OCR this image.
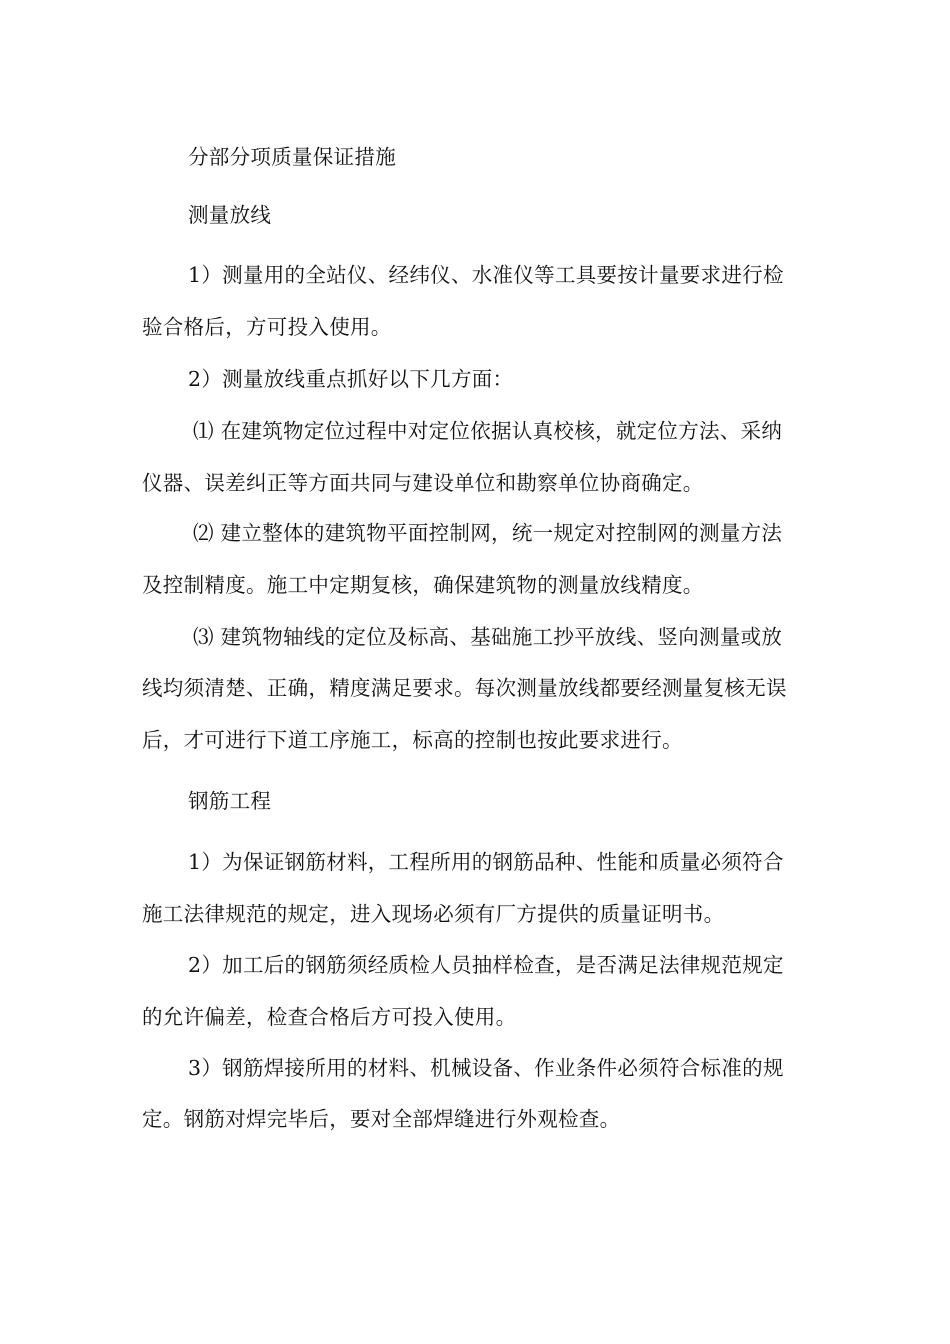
分部分项质量保证措施
测量放线
1）测量用的全站仪、经纬仪、水准仪等工具要按计量要求进行检
验合格后，方可投入使用。
2）测量放线重点抓好以下几方面：
⑴ 在建筑物定位过程中对定位依据认真校核，就定位方法、采纳
仪器、误差纠正等方面共同与建设单位和勘察单位协商确定。
⑵ 建立整体的建筑物平面控制网，统一规定对控制网的测量方法
及控制精度。施工中定期复核，确保建筑物的测量放线精度。
⑶ 建筑物轴线的定位及标高、基础施工抄平放线、竖向测量或放
线均须清楚、正确，精度满足要求。每次测量放线都要经测量复核无误
后，才可进行下道工序施工，标高的控制也按此要求进行。
钢筋工程
1）为保证钢筋材料，工程所用的钢筋品种、性能和质量必须符合
施工法律规范的规定，进入现场必须有厂方提供的质量证明书。
2）加工后的钢筋须经质检人员抽样检查，是否满足法律规范规定
的允许偏差，检查合格后方可投入使用。
3）钢筋焊接所用的材料、机械设备、作业条件必须符合标准的规
定。钢筋对焊完毕后，要对全部焊缝进行外观检查。
